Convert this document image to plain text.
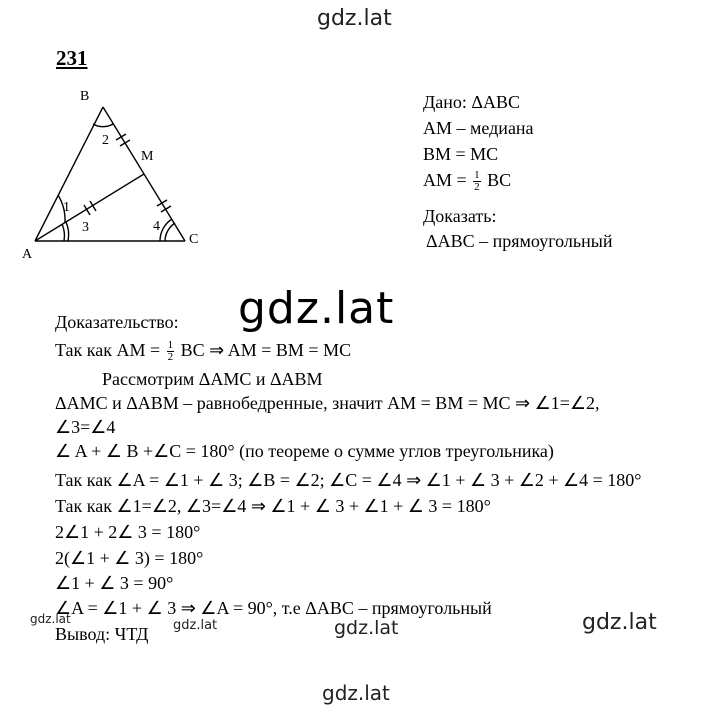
gdz.lat
231
A
B
C
M
1
2
3	4
Дано: ΔABC
AM – медиана
BM = MC
AM = $\frac{1}{2}$ BC
Доказать:
ΔABC – прямоугольный
gdz.lat
Доказательство:
Так как AM = $\frac{1}{2}$ BC ⇒ AM = BM = MC
Рассмотрим ΔAMC и ΔABM
ΔAMC и ΔABM – равнобедренные, значит AM = BM = MC ⇒ ∠1=∠2,
∠3=∠4
∠ A + ∠ B +∠C = 180° (по теореме о сумме углов треугольника)
Так как ∠A = ∠1 + ∠ 3; ∠B = ∠2; ∠C = ∠4 ⇒ ∠1 + ∠ 3 + ∠2 + ∠4 = 180°
Так как ∠1=∠2, ∠3=∠4 ⇒ ∠1 + ∠ 3 + ∠1 + ∠ 3 = 180°
2∠1 + 2∠ 3 = 180°
2(∠1 + ∠ 3) = 180°
∠1 + ∠ 3 = 90°
∠A = ∠1 + ∠ 3 ⇒ ∠A = 90°, т.е ΔABC – прямоугольный
Вывод: ЧТД
gdz.lat	gdz.lat	gdz.lat	gdz.lat
gdz.lat
